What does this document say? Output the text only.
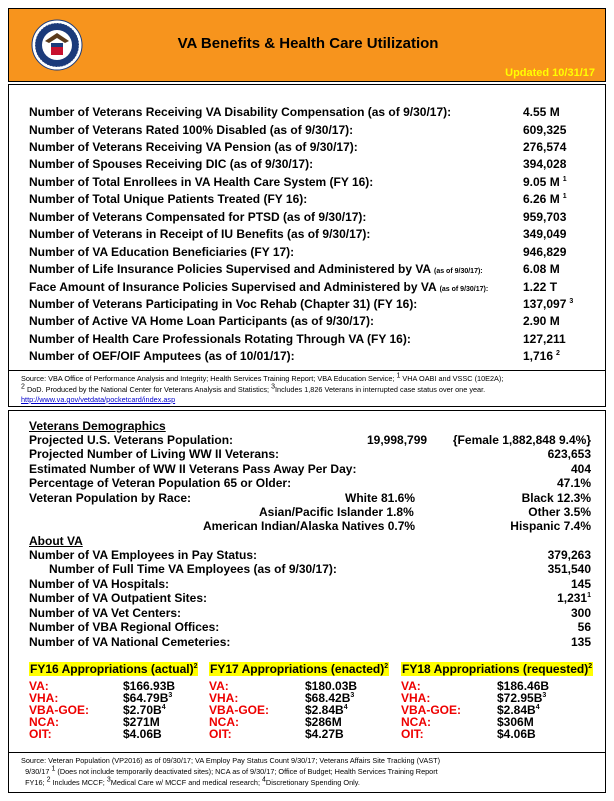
VA Benefits & Health Care Utilization
Updated 10/31/17
Number of Veterans Receiving VA Disability Compensation (as of 9/30/17):	4.55 M
Number of Veterans Rated 100% Disabled (as of 9/30/17):	609,325
Number of Veterans Receiving VA Pension (as of 9/30/17):	276,574
Number of Spouses Receiving DIC (as of 9/30/17):	394,028
Number of Total Enrollees in VA Health Care System (FY 16):	9.05 M $^1$
Number of Total Unique Patients Treated (FY 16):	6.26 M $^1$
Number of Veterans Compensated for PTSD (as of 9/30/17):	959,703
Number of Veterans in Receipt of IU Benefits (as of 9/30/17):	349,049
Number of VA Education Beneficiaries (FY 17):	946,829
Number of Life Insurance Policies Supervised and Administered by VA (as of 9/30/17):	6.08 M
Face Amount of Insurance Policies Supervised and Administered by VA (as of 9/30/17):	1.22 T
Number of Veterans Participating in Voc Rehab (Chapter 31) (FY 16):	137,097 $^3$
Number of Active VA Home Loan Participants (as of 9/30/17):	2.90 M
Number of Health Care Professionals Rotating Through VA (FY 16):	127,211
Number of OEF/OIF Amputees (as of 10/01/17):	1,716 $^2$
Source: VBA Office of Performance Analysis and Integrity; Health Services Training Report; VBA Education Service; $^1$ VHA OABI and VSSC (10E2A);
$^2$ DoD. Produced by the National Center for Veterans Analysis and Statistics; $^3$Includes 1,826 Veterans in interrupted case status over one year.
http://www.va.gov/vetdata/pocketcard/index.asp
Veterans Demographics
Projected U.S. Veterans Population:	19,998,799 {Female 1,882,848 9.4%}
Projected Number of Living WW II Veterans:	623,653
Estimated Number of WW II Veterans Pass Away Per Day:	404
Percentage of Veteran Population 65 or Older:	47.1%
Veteran Population by Race:	White 81.6%	Black 12.3%
Asian/Pacific Islander 1.8%	Other 3.5%
American Indian/Alaska Natives 0.7%	Hispanic 7.4%
About VA
Number of VA Employees in Pay Status:	379,263
Number of Full Time VA Employees (as of 9/30/17):	351,540
Number of VA Hospitals:	145
Number of VA Outpatient Sites:	1,231$^1$
Number of VA Vet Centers:	300
Number of VBA Regional Offices:	56
Number of VA National Cemeteries:	135
FY16 Appropriations (actual)$^2$
VA:	$166.93B
VHA:	$\$64.79B^3$
VBA-GOE:	$\$2.70B^4$
NCA:	$271M
OIT:	$4.06B
FY17 Appropriations (enacted)$^2$
VA:	$180.03B
VHA:	$\$68.42B^3$
VBA-GOE:	$\$2.84B^4$
NCA:	$286M
OIT:	$4.27B
FY18 Appropriations (requested)$^2$
VA:	$186.46B
VHA:	$\$72.95B^3$
VBA-GOE:	$\$2.84B^4$
NCA:	$306M
OIT:	$4.06B
Source: Veteran Population (VP2016) as of 09/30/17; VA Employ Pay Status Count 9/30/17; Veterans Affairs Site Tracking (VAST)
9/30/17 $^1$ (Does not include temporarily deactivated sites); NCA as of 9/30/17; Office of Budget; Health Services Training Report
FY16; $^2$ Includes MCCF; $^3$Medical Care w/ MCCF and medical research; $^4$Discretionary Spending Only.
